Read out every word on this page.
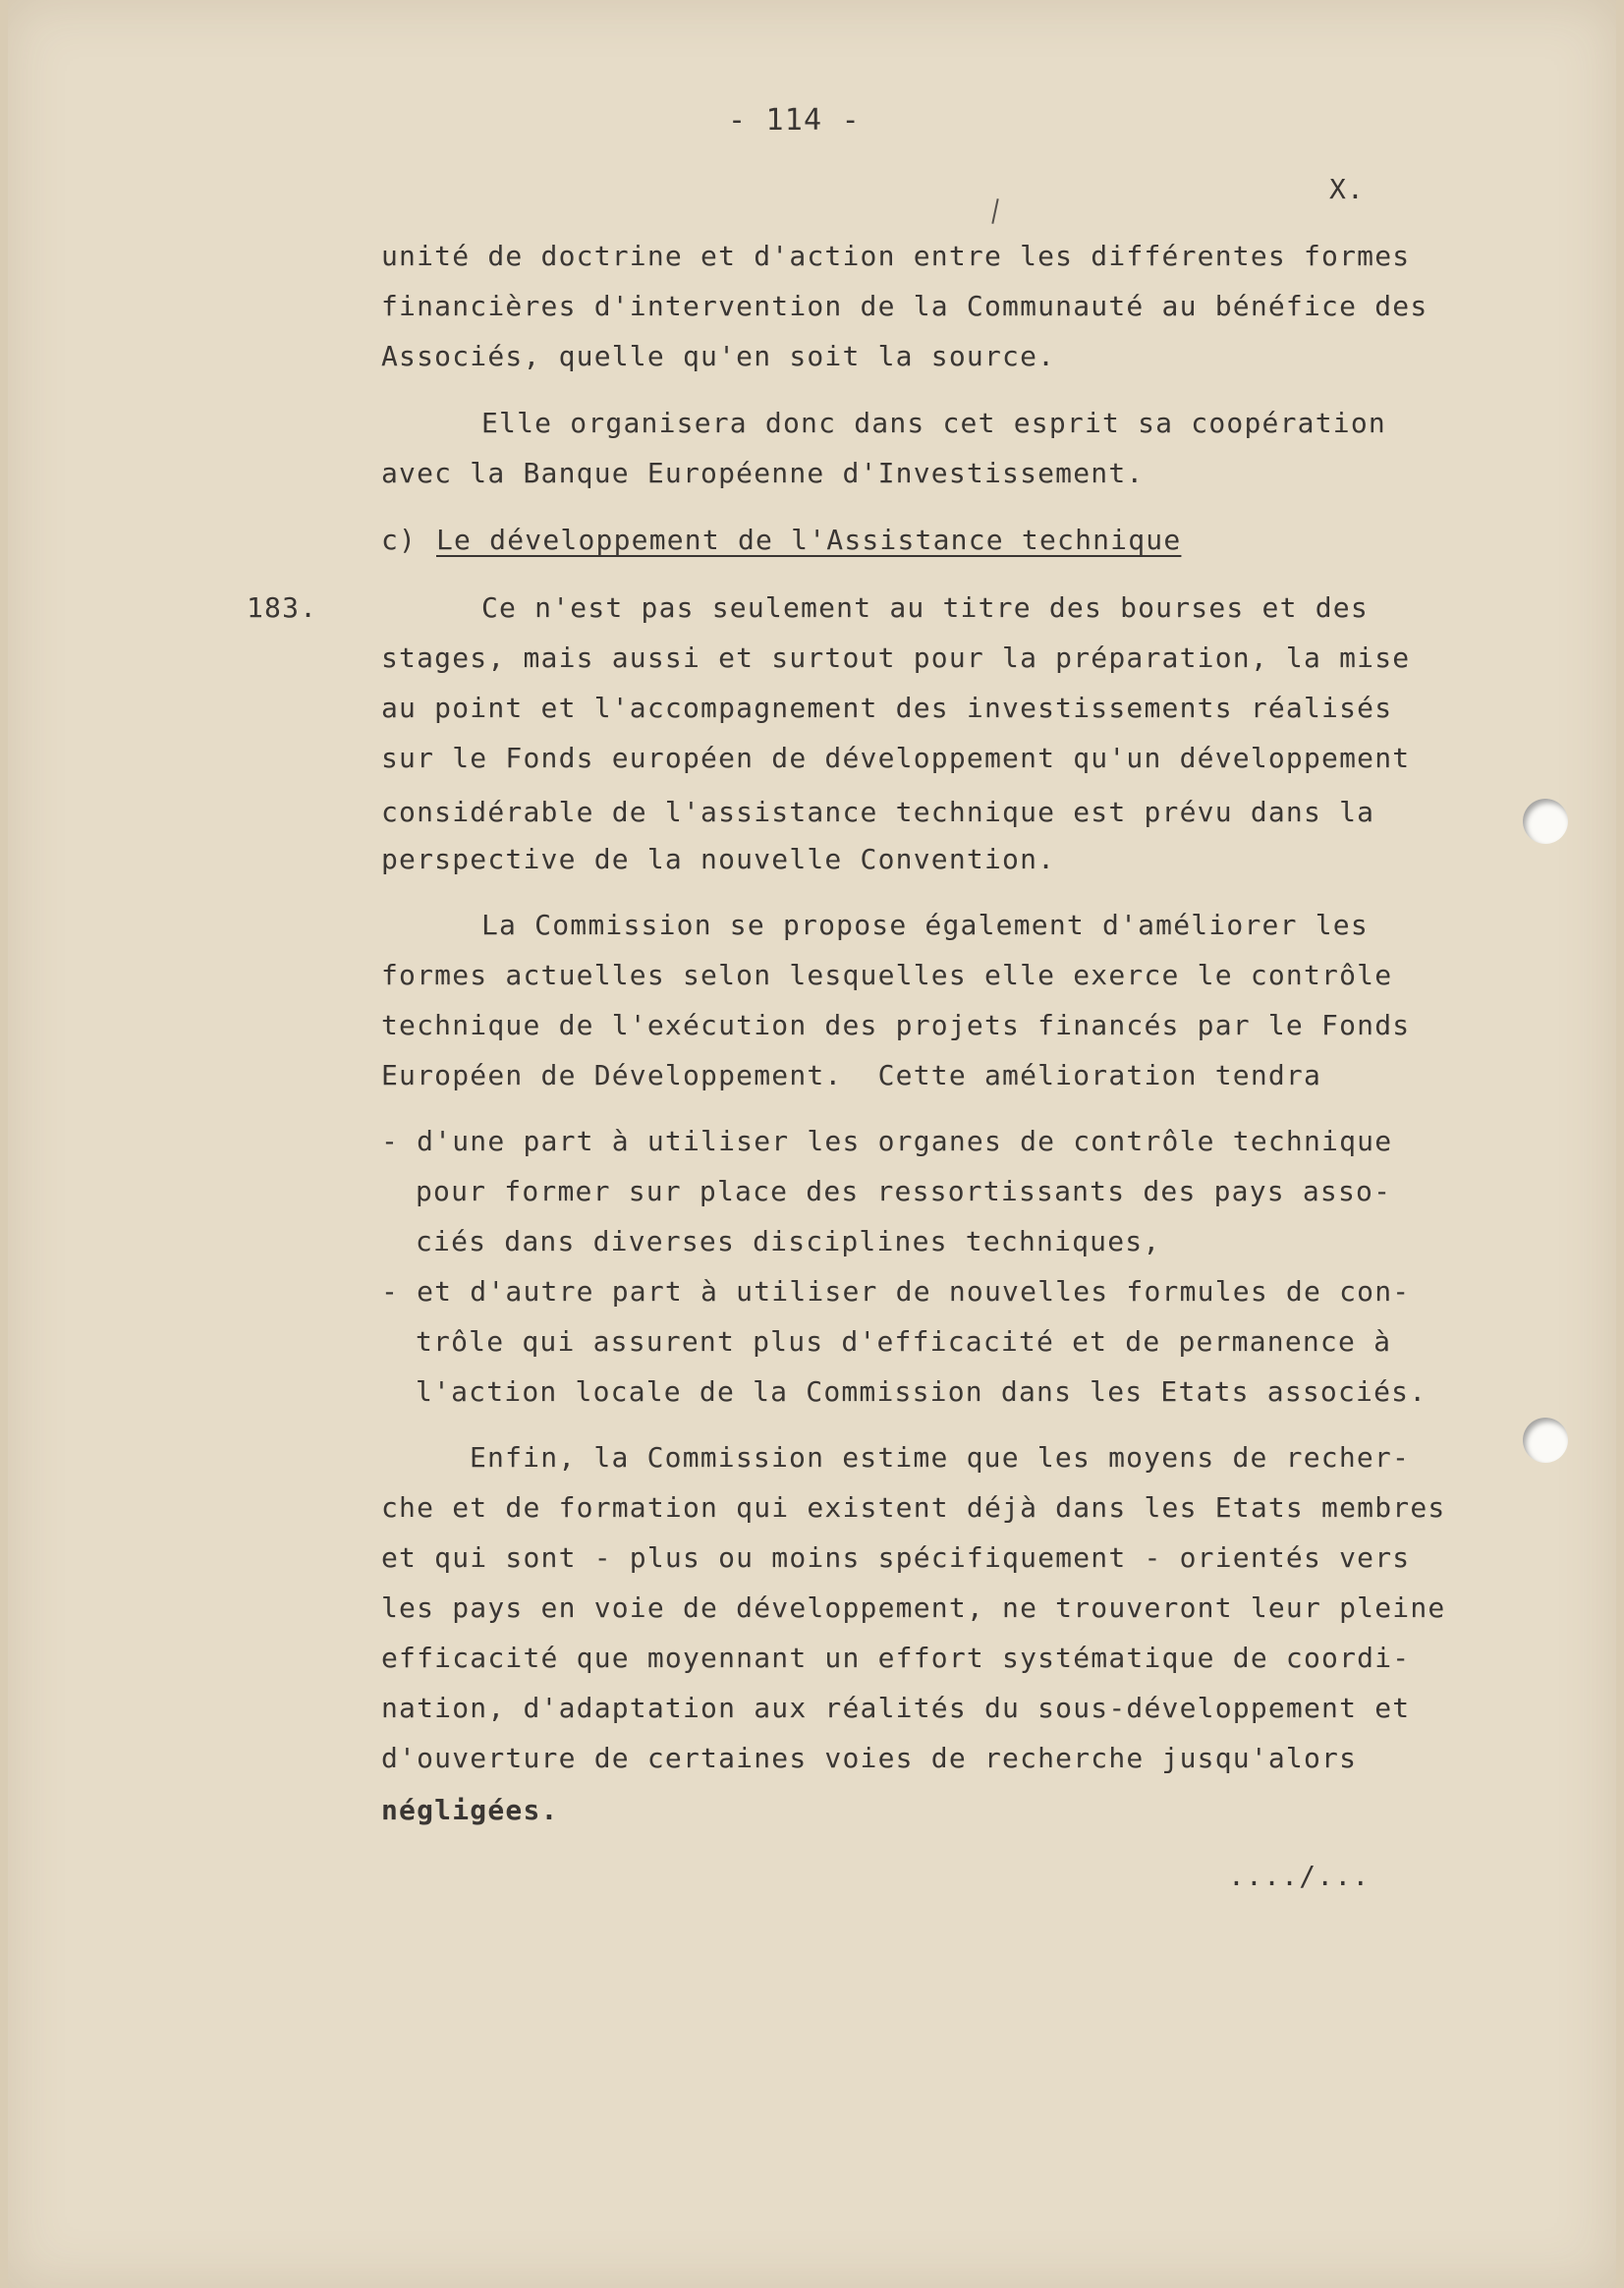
- 114 -
X.
unité de doctrine et d'action entre les différentes formes
financières d'intervention de la Communauté au bénéfice des
Associés, quelle qu'en soit la source.
Elle organisera donc dans cet esprit sa coopération
avec la Banque Européenne d'Investissement.
c) Le développement de l'Assistance technique
183.	Ce n'est pas seulement au titre des bourses et des
stages, mais aussi et surtout pour la préparation, la mise
au point et l'accompagnement des investissements réalisés
sur le Fonds européen de développement qu'un développement
considérable de l'assistance technique est prévu dans la
perspective de la nouvelle Convention.
La Commission se propose également d'améliorer les
formes actuelles selon lesquelles elle exerce le contrôle
technique de l'exécution des projets financés par le Fonds
Européen de Développement.  Cette amélioration tendra
- d'une part à utiliser les organes de contrôle technique
pour former sur place des ressortissants des pays asso-
ciés dans diverses disciplines techniques,
- et d'autre part à utiliser de nouvelles formules de con-
trôle qui assurent plus d'efficacité et de permanence à
l'action locale de la Commission dans les Etats associés.
Enfin, la Commission estime que les moyens de recher-
che et de formation qui existent déjà dans les Etats membres
et qui sont - plus ou moins spécifiquement - orientés vers
les pays en voie de développement, ne trouveront leur pleine
efficacité que moyennant un effort systématique de coordi-
nation, d'adaptation aux réalités du sous-développement et
d'ouverture de certaines voies de recherche jusqu'alors
négligées.
..../...
